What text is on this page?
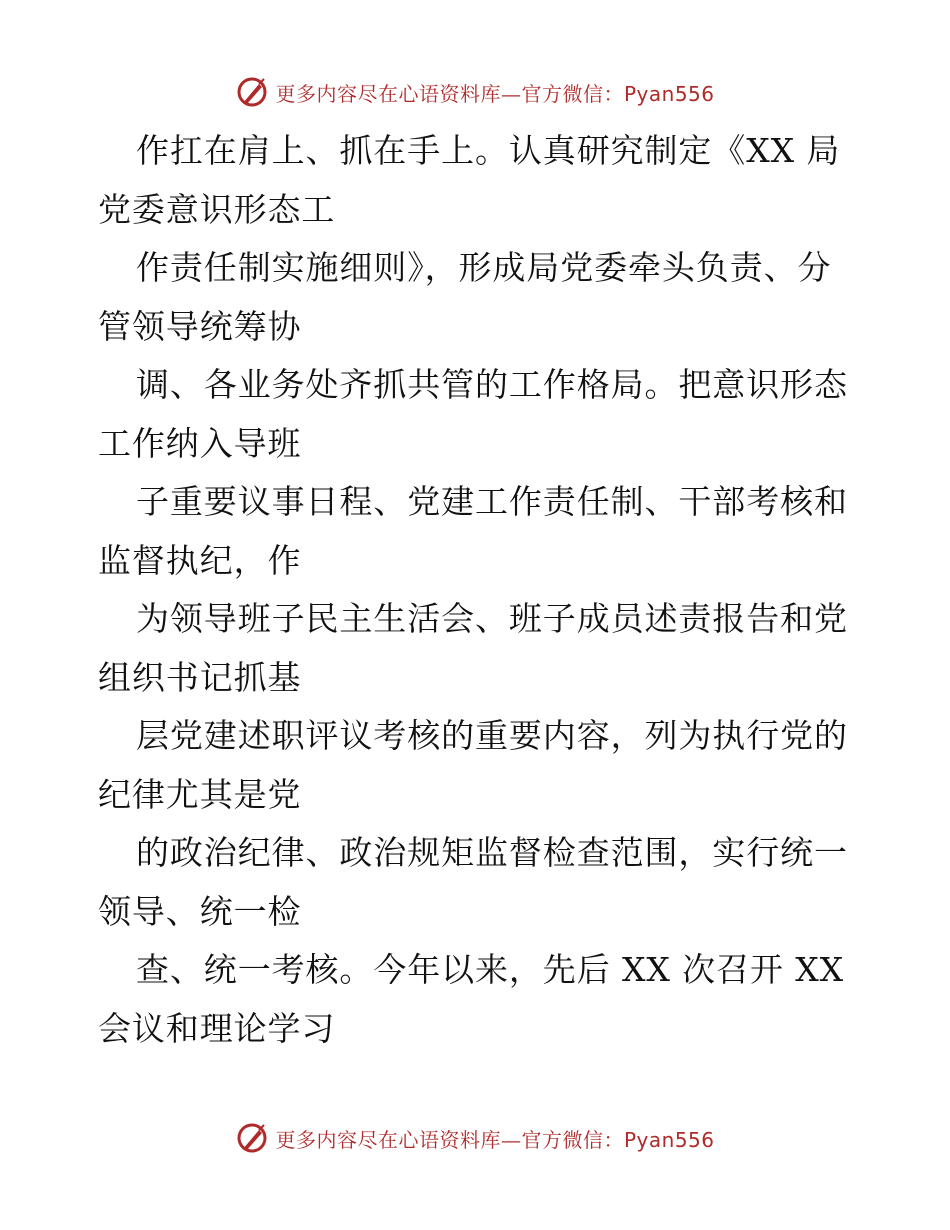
更多内容尽在心语资料库—官方微信：Pyan556
作扛在肩上、抓在手上。认真研究制定《XX 局
党委意识形态工
作责任制实施细则》，形成局党委牵头负责、分
管领导统筹协
调、各业务处齐抓共管的工作格局。把意识形态
工作纳入导班
子重要议事日程、党建工作责任制、干部考核和
监督执纪，作
为领导班子民主生活会、班子成员述责报告和党
组织书记抓基
层党建述职评议考核的重要内容，列为执行党的
纪律尤其是党
的政治纪律、政治规矩监督检查范围，实行统一
领导、统一检
查、统一考核。今年以来，先后 XX 次召开 XX
会议和理论学习
更多内容尽在心语资料库—官方微信：Pyan556
